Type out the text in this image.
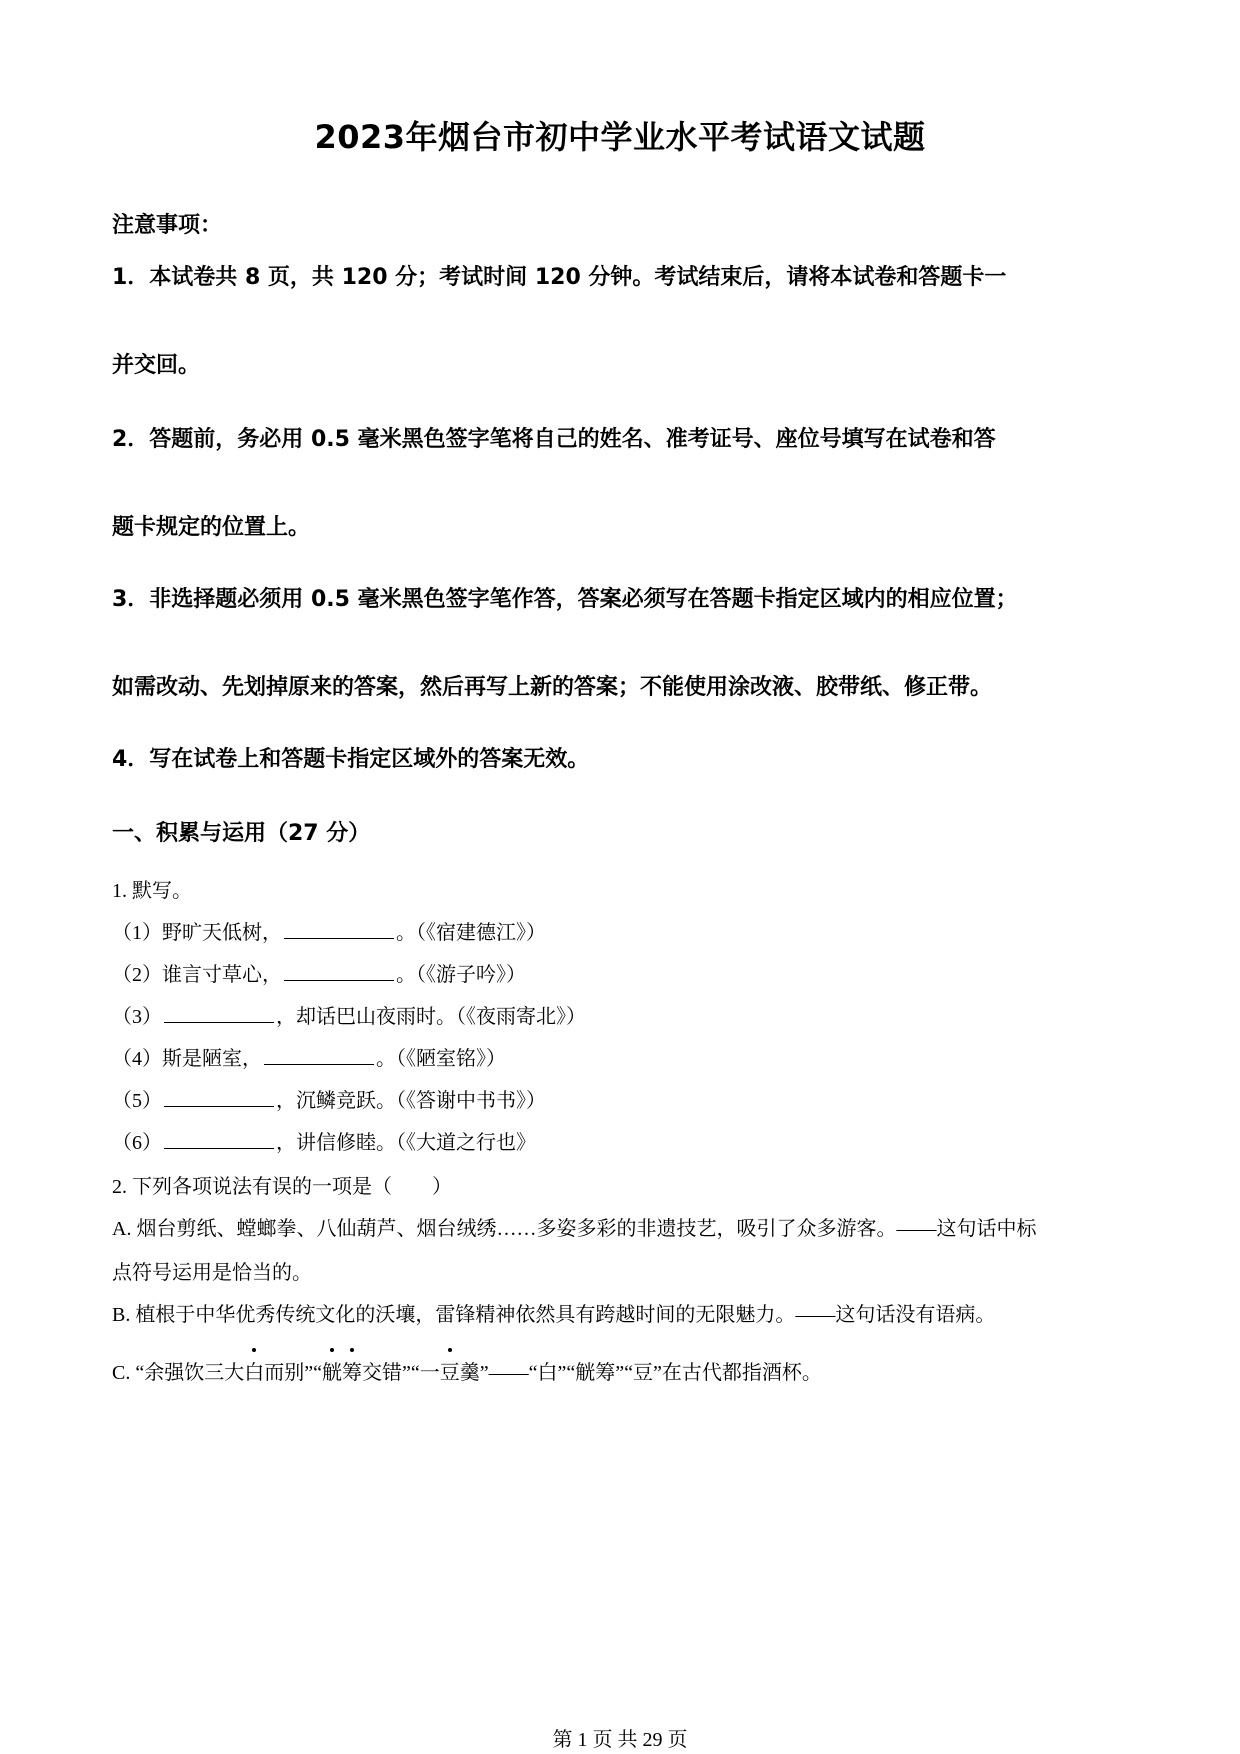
2023年烟台市初中学业水平考试语文试题
注意事项：
1．本试卷共 8 页，共 120 分；考试时间 120 分钟。考试结束后，请将本试卷和答题卡一
并交回。
2．答题前，务必用 0.5 毫米黑色签字笔将自己的姓名、准考证号、座位号填写在试卷和答
题卡规定的位置上。
3．非选择题必须用 0.5 毫米黑色签字笔作答，答案必须写在答题卡指定区域内的相应位置；
如需改动、先划掉原来的答案，然后再写上新的答案；不能使用涂改液、胶带纸、修正带。
4．写在试卷上和答题卡指定区域外的答案无效。
一、积累与运用（27 分）
1. 默写。
（1）野旷天低树，	。（《宿建德江》）
（2）谁言寸草心，	。（《游子吟》）
（3）	，却话巴山夜雨时。（《夜雨寄北》）
（4）斯是陋室，	。（《陋室铭》）
（5）	，沉鳞竞跃。（《答谢中书书》）
（6）	，讲信修睦。（《大道之行也》
2. 下列各项说法有误的一项是（　　）
A. 烟台剪纸、螳螂拳、八仙葫芦、烟台绒绣……多姿多彩的非遗技艺，吸引了众多游客。——这句话中标
点符号运用是恰当的。
B. 植根于中华优秀传统文化的沃壤，雷锋精神依然具有跨越时间的无限魅力。——这句话没有语病。
C. “余强饮三大白而别”“觥筹交错”“一豆羹”——“白”“觥筹”“豆”在古代都指酒杯。
第 1 页 共 29 页
